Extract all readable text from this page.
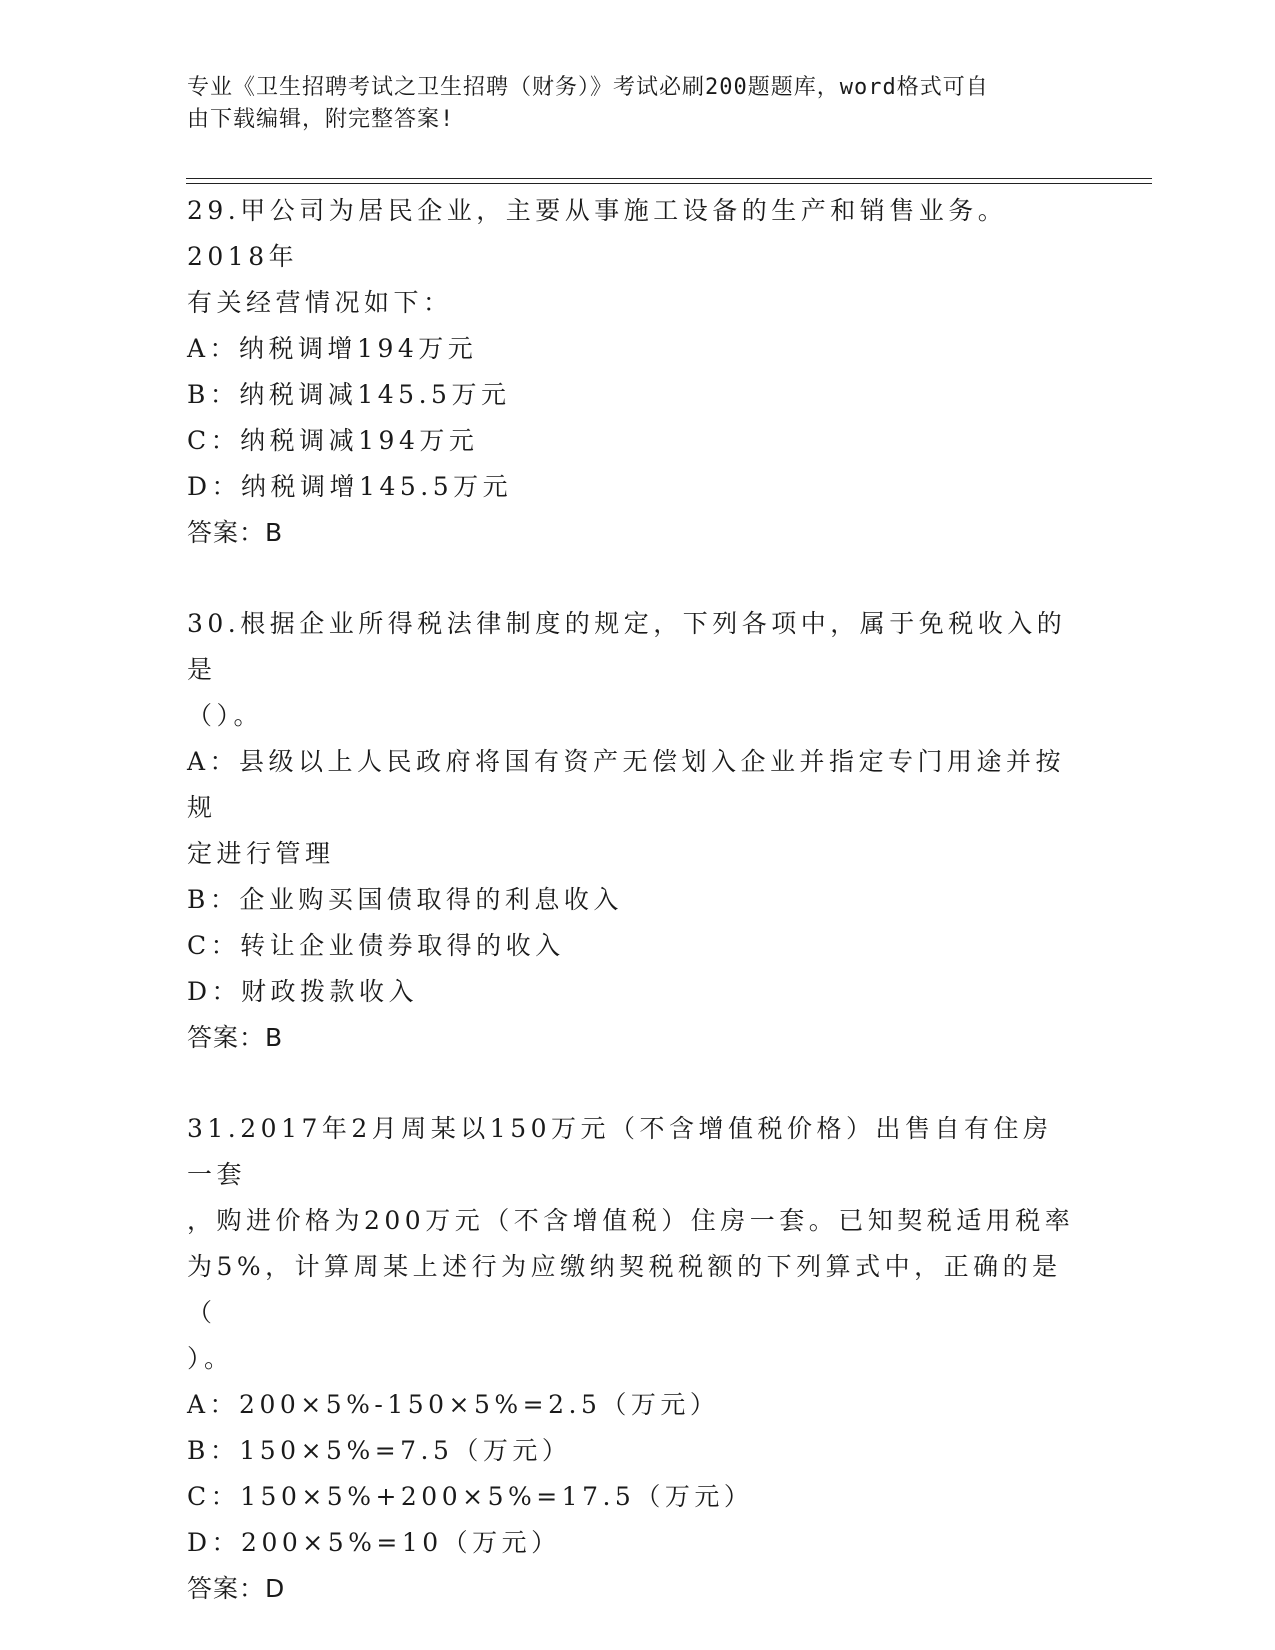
专业《卫生招聘考试之卫生招聘（财务）》考试必刷200题题库，word格式可自
由下载编辑，附完整答案!
29.甲公司为居民企业，主要从事施工设备的生产和销售业务。2018年
有关经营情况如下：
A：纳税调增194万元
B：纳税调减145.5万元
C：纳税调减194万元
D：纳税调增145.5万元
答案：B
30.根据企业所得税法律制度的规定，下列各项中，属于免税收入的是
（）。
A：县级以上人民政府将国有资产无偿划入企业并指定专门用途并按规
定进行管理
B：企业购买国债取得的利息收入
C：转让企业债券取得的收入
D：财政拨款收入
答案：B
31.2017年2月周某以150万元（不含增值税价格）出售自有住房一套
，购进价格为200万元（不含增值税）住房一套。已知契税适用税率
为5%，计算周某上述行为应缴纳契税税额的下列算式中，正确的是（
）。
A：200×5%-150×5%=2.5（万元）
B：150×5%=7.5（万元）
C：150×5%+200×5%=17.5（万元）
D：200×5%=10（万元）
答案：D
